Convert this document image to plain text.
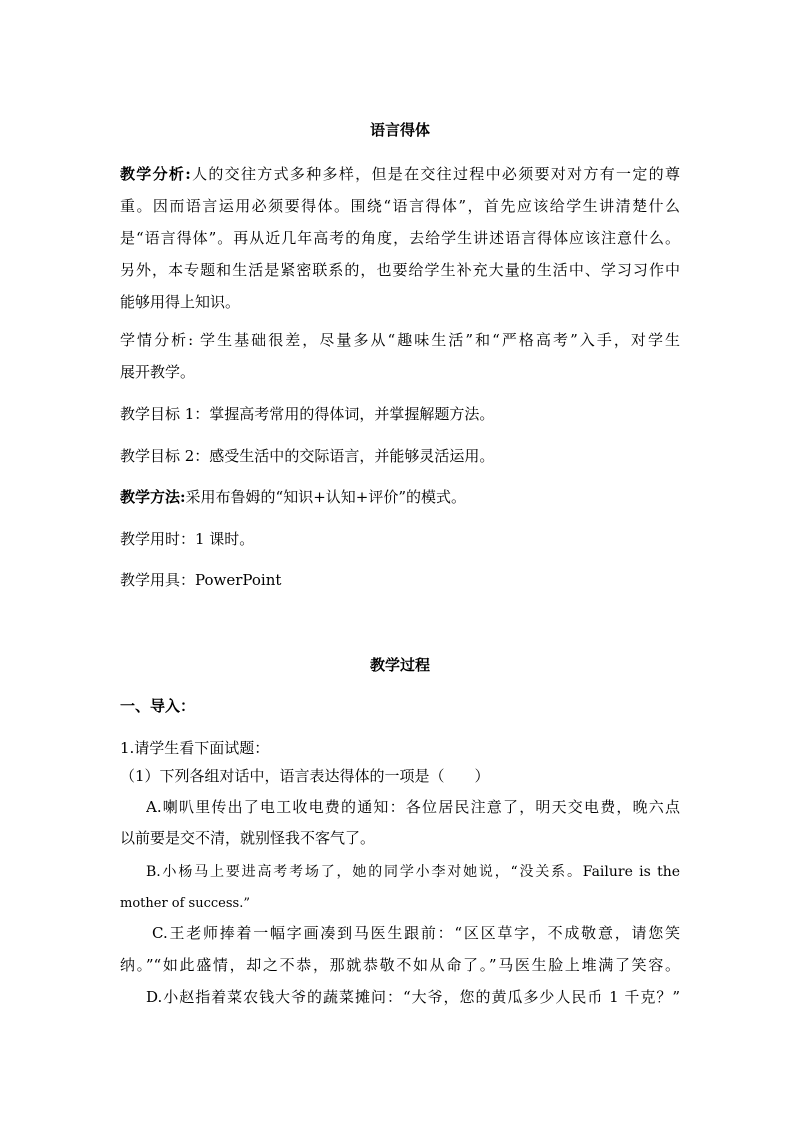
语言得体
教学分析:人的交往方式多种多样，但是在交往过程中必须要对对方有一定的尊
重。因而语言运用必须要得体。围绕“语言得体”，首先应该给学生讲清楚什么
是“语言得体”。再从近几年高考的角度，去给学生讲述语言得体应该注意什么。
另外，本专题和生活是紧密联系的，也要给学生补充大量的生活中、学习习作中
能够用得上知识。
学情分析: 学生基础很差，尽量多从“趣味生活”和“严格高考”入手，对学生
展开教学。
教学目标 1：掌握高考常用的得体词，并掌握解题方法。
教学目标 2：感受生活中的交际语言，并能够灵活运用。
教学方法:采用布鲁姆的“知识+认知+评价”的模式。
教学用时：1 课时。
教学用具：PowerPoint
教学过程
一、导入：
1.请学生看下面试题：
（1）下列各组对话中，语言表达得体的一项是（　　）
A.喇叭里传出了电工收电费的通知：各位居民注意了，明天交电费，晚六点
以前要是交不清，就别怪我不客气了。
B.小杨马上要进高考考场了，她的同学小李对她说，“没关系。Failure is the
mother of success.”
C.王老师捧着一幅字画凑到马医生跟前：“区区草字，不成敬意，请您笑
纳。”“如此盛情，却之不恭，那就恭敬不如从命了。”马医生脸上堆满了笑容。
D.小赵指着菜农钱大爷的蔬菜摊问：“大爷，您的黄瓜多少人民币 1 千克？”
